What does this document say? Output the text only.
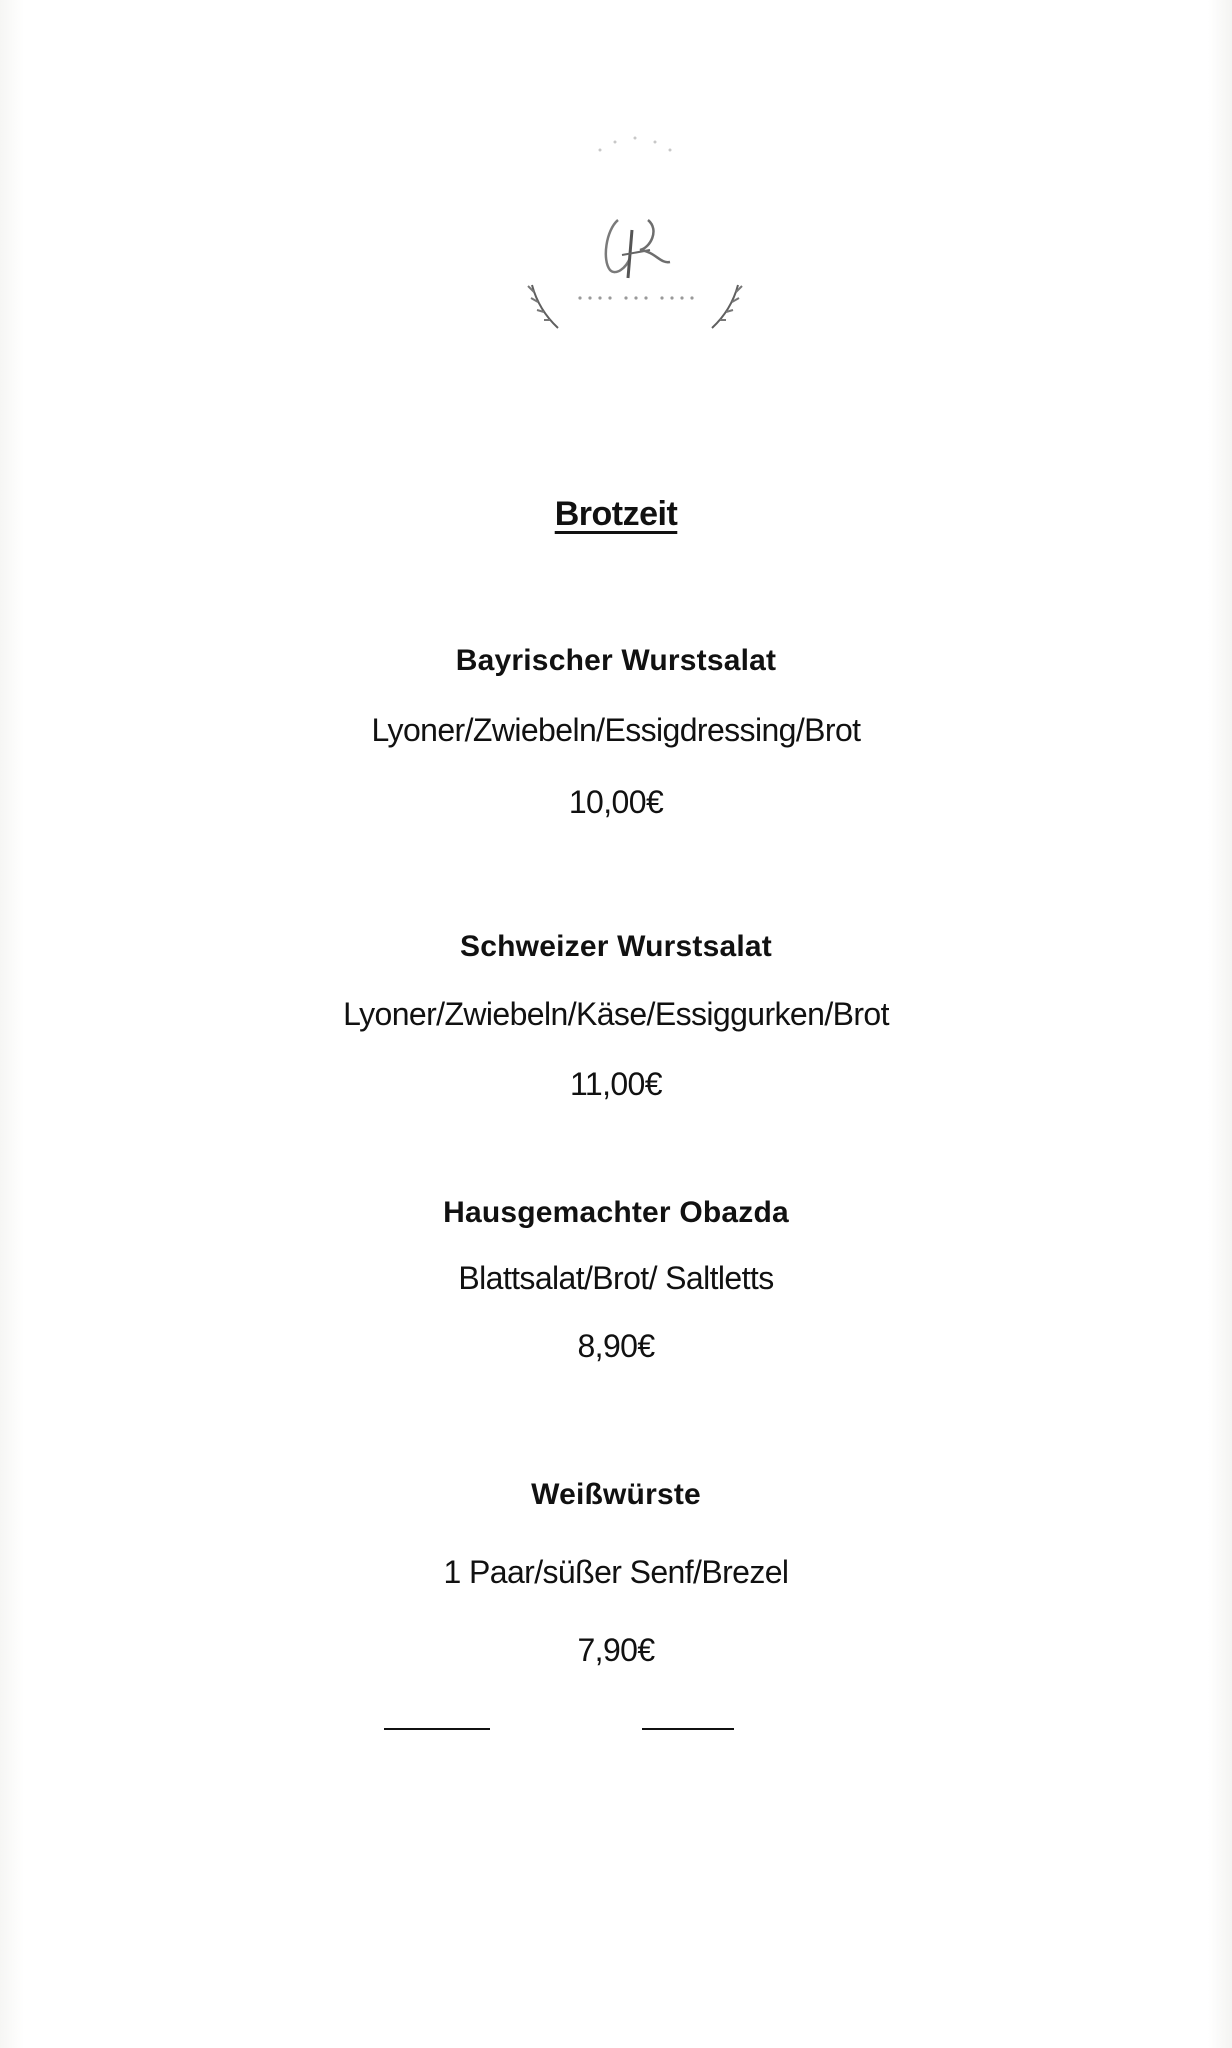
Brotzeit
Bayrischer Wurstsalat
Lyoner/Zwiebeln/Essigdressing/Brot
10,00€
Schweizer Wurstsalat
Lyoner/Zwiebeln/Käse/Essiggurken/Brot
11,00€
Hausgemachter Obazda
Blattsalat/Brot/ Saltletts
8,90€
Weißwürste
1 Paar/süßer Senf/Brezel
7,90€
